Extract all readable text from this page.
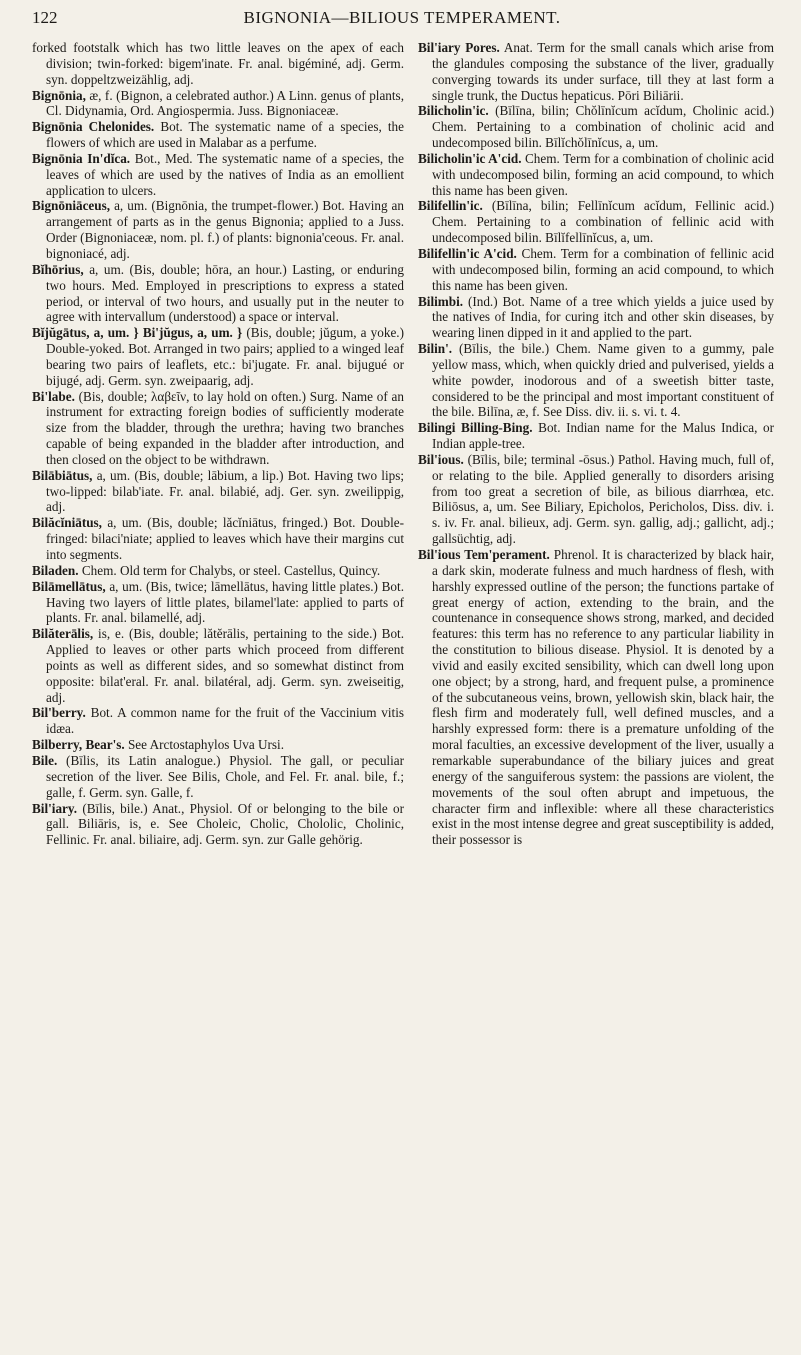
122	BIGNONIA—BILIOUS TEMPERAMENT.

forked footstalk which has two little leaves on the apex of each division; twin-forked: bigem'inate. Fr. anal. bigéminé, adj. Germ. syn. doppeltzweizählig, adj.

Bignōnia, æ, f. (Bignon, a celebrated author.) A Linn. genus of plants, Cl. Didynamia, Ord. Angiospermia. Juss. Bignoniaceæ.

Bignōnia Chelonides. Bot. The systematic name of a species, the flowers of which are used in Malabar as a perfume.

Bignōnia In'dĭca. Bot., Med. The systematic name of a species, the leaves of which are used by the natives of India as an emollient application to ulcers.

Bignōniāceus, a, um. (Bignōnia, the trumpet-flower.) Bot. Having an arrangement of parts as in the genus Bignonia; applied to a Juss. Order (Bignoniaceæ, nom. pl. f.) of plants: bignonia'ceous. Fr. anal. bignoniacé, adj.

Bĭhōrius, a, um. (Bis, double; hōra, an hour.) Lasting, or enduring two hours. Med. Employed in prescriptions to express a stated period, or interval of two hours, and usually put in the neuter to agree with intervallum (understood) a space or interval.

Bĭjŭgātus, a, um. } Bi'jŭgus, a, um. } (Bis, double; jŭgum, a yoke.) Double-yoked. Bot. Arranged in two pairs; applied to a winged leaf bearing two pairs of leaflets, etc.: bi'jugate. Fr. anal. bijugué or bijugé, adj. Germ. syn. zweipaarig, adj.

Bi'labe. (Bis, double; λαβεῖν, to lay hold on often.) Surg. Name of an instrument for extracting foreign bodies of sufficiently moderate size from the bladder, through the urethra; having two branches capable of being expanded in the bladder after introduction, and then closed on the object to be withdrawn.

Bilābiātus, a, um. (Bis, double; lābium, a lip.) Bot. Having two lips; two-lipped: bilab'iate. Fr. anal. bilabié, adj. Ger. syn. zweilippig, adj.

Bilăcĭniātus, a, um. (Bis, double; lăcĭniātus, fringed.) Bot. Double-fringed: bilaci'niate; applied to leaves which have their margins cut into segments.

Biladen. Chem. Old term for Chalybs, or steel. Castellus, Quincy.

Bilāmellātus, a, um. (Bis, twice; lāmellātus, having little plates.) Bot. Having two layers of little plates, bilamel'late: applied to parts of plants. Fr. anal. bilamellé, adj.

Bilăterālis, is, e. (Bis, double; lătĕrālis, pertaining to the side.) Bot. Applied to leaves or other parts which proceed from different points as well as different sides, and so somewhat distinct from opposite: bilat'eral. Fr. anal. bilatéral, adj. Germ. syn. zweiseitig, adj.

Bil'berry. Bot. A common name for the fruit of the Vaccinium vitis idæa.

Bilberry, Bear's. See Arctostaphylos Uva Ursi.

Bile. (Bīlis, its Latin analogue.) Physiol. The gall, or peculiar secretion of the liver. See Bilis, Chole, and Fel. Fr. anal. bile, f.; galle, f. Germ. syn. Galle, f.

Bil'iary. (Bīlis, bile.) Anat., Physiol. Of or belonging to the bile or gall. Biliāris, is, e. See Choleic, Cholic, Chololic, Cholinic, Fellinic. Fr. anal. biliaire, adj. Germ. syn. zur Galle gehörig.

Bil'iary Pores. Anat. Term for the small canals which arise from the glandules composing the substance of the liver, gradually converging towards its under surface, till they at last form a single trunk, the Ductus hepaticus. Pōri Biliārii.

Bilicholin'ic. (Bīlīna, bilin; Chŏlīnĭcum acĭdum, Cholinic acid.) Chem. Pertaining to a combination of cholinic acid and undecomposed bilin. Bīlĭchŏlīnĭcus, a, um.

Bilicholin'ic A'cid. Chem. Term for a combination of cholinic acid with undecomposed bilin, forming an acid compound, to which this name has been given.

Bilifellin'ic. (Bīlīna, bilin; Fellīnĭcum acĭdum, Fellinic acid.) Chem. Pertaining to a combination of fellinic acid with undecomposed bilin. Bīlĭfellīnĭcus, a, um.

Bilifellin'ic A'cid. Chem. Term for a combination of fellinic acid with undecomposed bilin, forming an acid compound, to which this name has been given.

Bilimbi. (Ind.) Bot. Name of a tree which yields a juice used by the natives of India, for curing itch and other skin diseases, by wearing linen dipped in it and applied to the part.

Bilin'. (Bīlis, the bile.) Chem. Name given to a gummy, pale yellow mass, which, when quickly dried and pulverised, yields a white powder, inodorous and of a sweetish bitter taste, considered to be the principal and most important constituent of the bile. Bilīna, æ, f. See Diss. div. ii. s. vi. t. 4.

Bilingi Billing-Bing. Bot. Indian name for the Malus Indica, or Indian apple-tree.

Bil'ious. (Bīlis, bile; terminal -ōsus.) Pathol. Having much, full of, or relating to the bile. Applied generally to disorders arising from too great a secretion of bile, as bilious diarrhœa, etc. Biliōsus, a, um. See Biliary, Epicholos, Pericholos, Diss. div. i. s. iv. Fr. anal. bilieux, adj. Germ. syn. gallig, adj.; gallicht, adj.; gallsüchtig, adj.

Bil'ious Tem'perament. Phrenol. It is characterized by black hair, a dark skin, moderate fulness and much hardness of flesh, with harshly expressed outline of the person; the functions partake of great energy of action, extending to the brain, and the countenance in consequence shows strong, marked, and decided features: this term has no reference to any particular liability in the constitution to bilious disease. Physiol. It is denoted by a vivid and easily excited sensibility, which can dwell long upon one object; by a strong, hard, and frequent pulse, a prominence of the subcutaneous veins, brown, yellowish skin, black hair, the flesh firm and moderately full, well defined muscles, and a harshly expressed form: there is a premature unfolding of the moral faculties, an excessive development of the liver, usually a remarkable superabundance of the biliary juices and great energy of the sanguiferous system: the passions are violent, the movements of the soul often abrupt and impetuous, the character firm and inflexible: where all these characteristics exist in the most intense degree and great susceptibility is added, their possessor is
